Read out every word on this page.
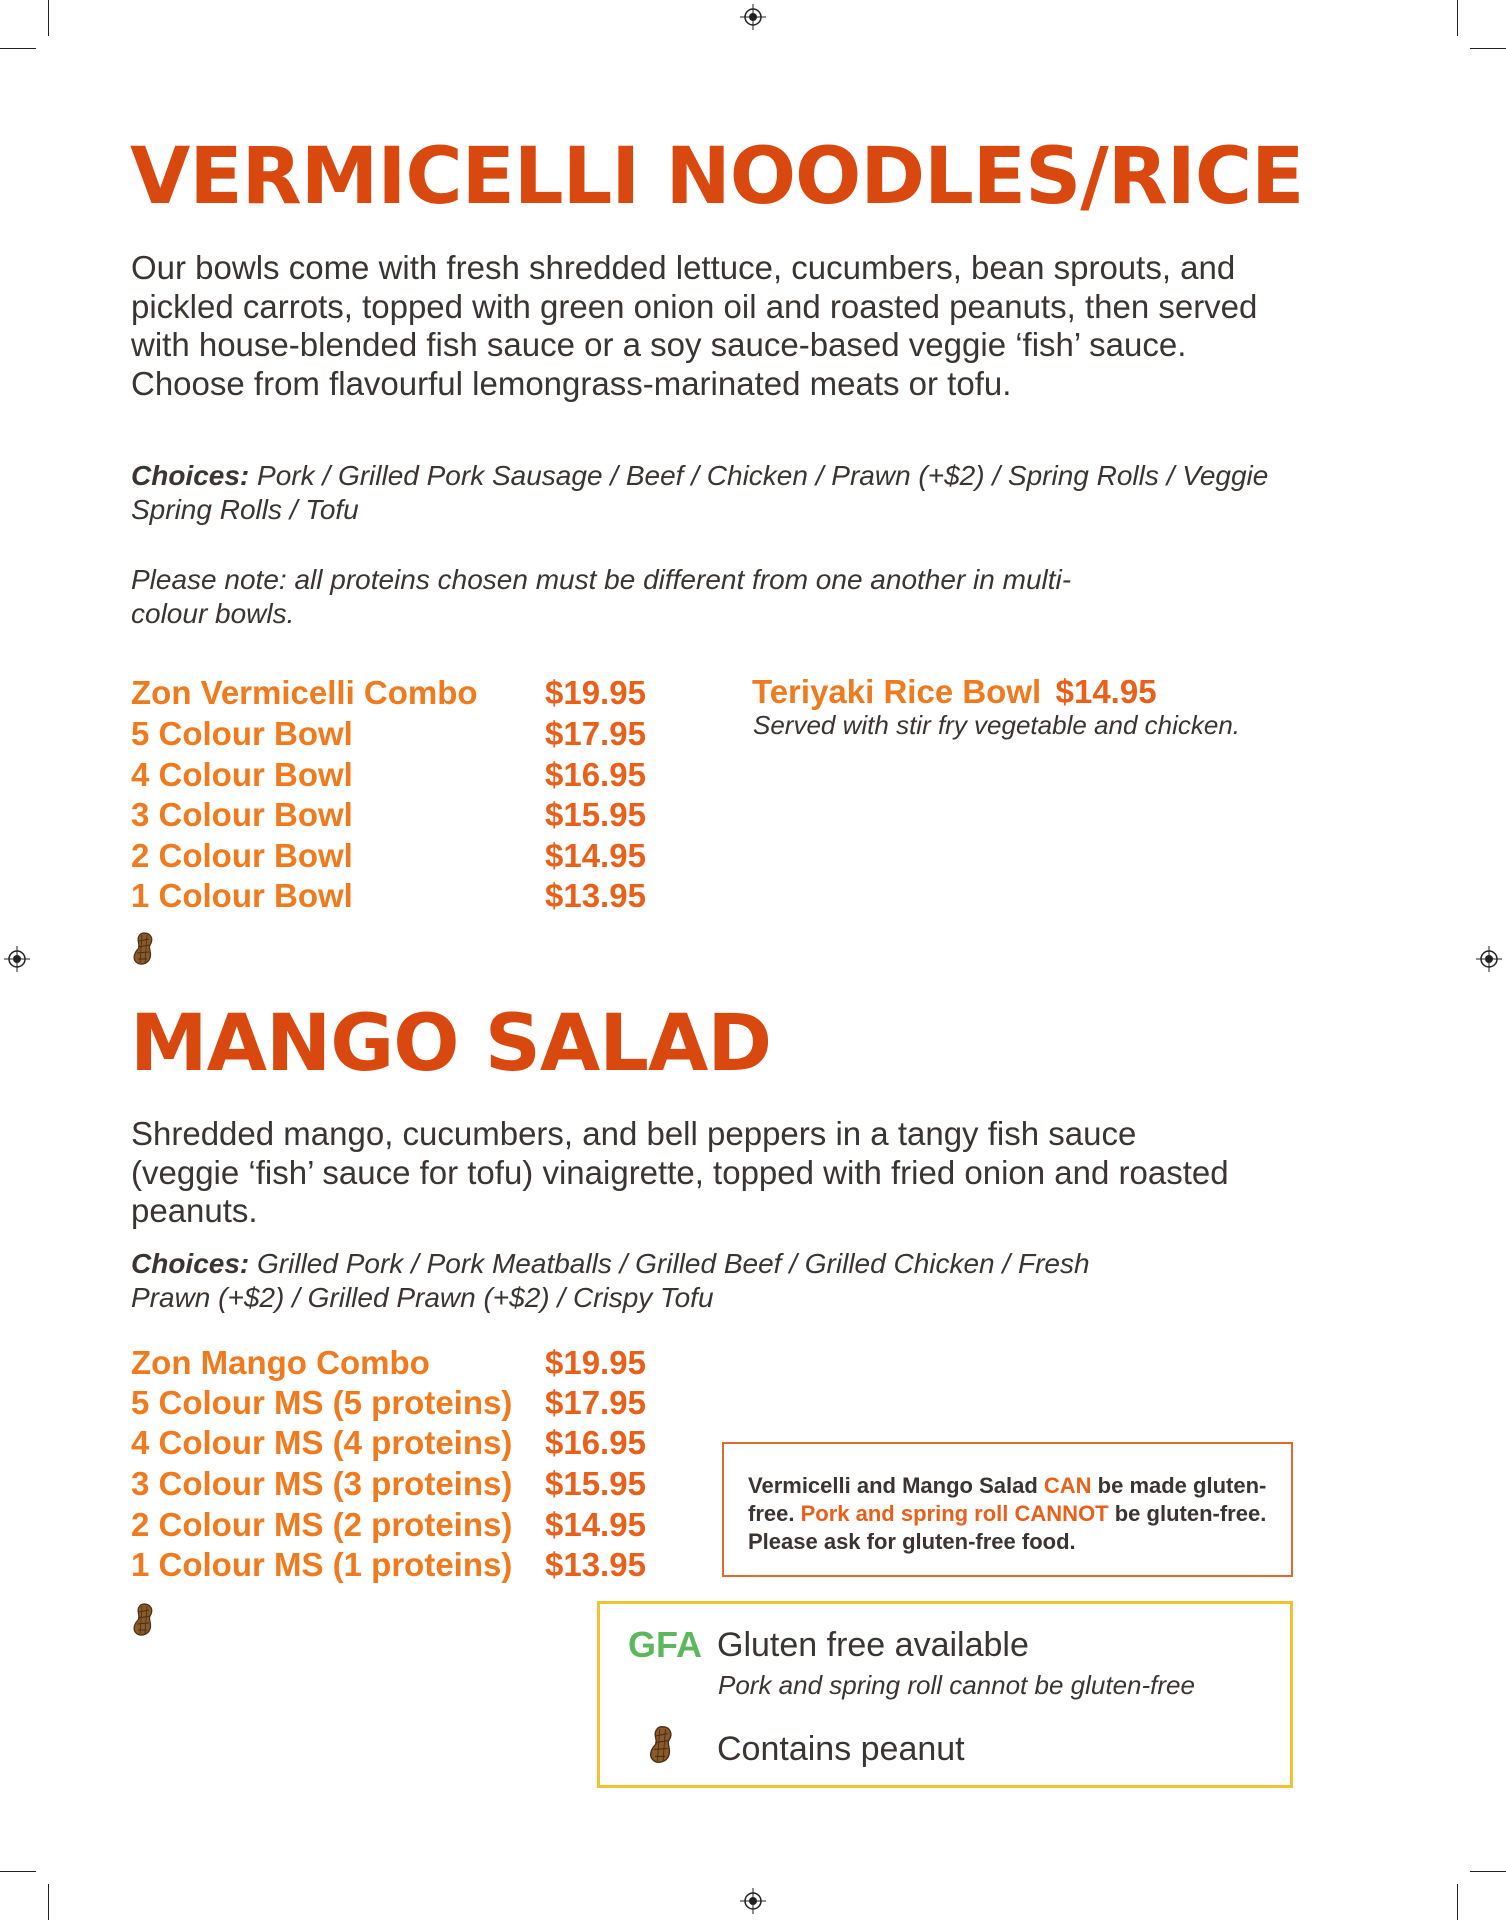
VERMICELLI NOODLES/RICE
Our bowls come with fresh shredded lettuce, cucumbers, bean sprouts, and pickled carrots, topped with green onion oil and roasted peanuts, then served with house-blended fish sauce or a soy sauce-based veggie ‘fish’ sauce. Choose from flavourful lemongrass-marinated meats or tofu.
Choices: Pork / Grilled Pork Sausage / Beef / Chicken / Prawn (+$2) / Spring Rolls / Veggie Spring Rolls / Tofu
Please note: all proteins chosen must be different from one another in multi-colour bowls.
Zon Vermicelli Combo $19.95
5 Colour Bowl	$17.95
4 Colour Bowl	$16.95
3 Colour Bowl	$15.95
2 Colour Bowl	$14.95
1 Colour Bowl	$13.95
Teriyaki Rice Bowl $14.95
Served with stir fry vegetable and chicken.
MANGO SALAD
Shredded mango, cucumbers, and bell peppers in a tangy fish sauce (veggie ‘fish’ sauce for tofu) vinaigrette, topped with fried onion and roasted peanuts.
Choices: Grilled Pork / Pork Meatballs / Grilled Beef / Grilled Chicken / Fresh Prawn (+$2) / Grilled Prawn (+$2) / Crispy Tofu
Zon Mango Combo	$19.95
5 Colour MS (5 proteins) $17.95
4 Colour MS (4 proteins) $16.95
3 Colour MS (3 proteins) $15.95
2 Colour MS (2 proteins) $14.95
1 Colour MS (1 proteins) $13.95
Vermicelli and Mango Salad CAN be made gluten-free. Pork and spring roll CANNOT be gluten-free. Please ask for gluten-free food.
GFA Gluten free available
Pork and spring roll cannot be gluten-free
Contains peanut
